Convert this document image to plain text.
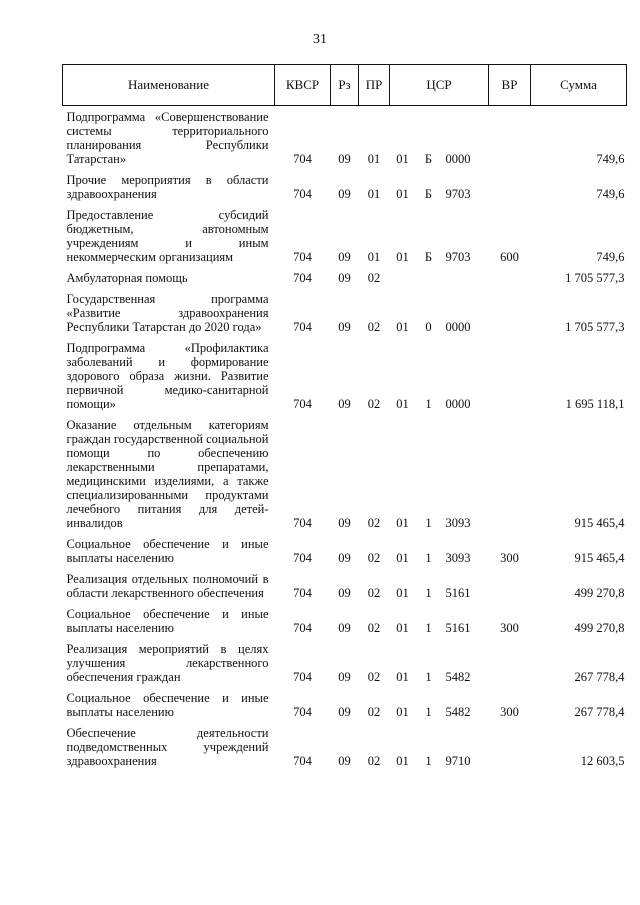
31
Наименование	КВСР	Рз	ПР	ЦСР			ВР	Сумма
Подпрограмма «Совершенствование системы территориального планирования Республики Татарстан»	704	09	01	01	Б	0000		749,6
Прочие мероприятия в области здравоохранения	704	09	01	01	Б	9703		749,6
Предоставление субсидий бюджетным, автономным учреждениям и иным некоммерческим организациям	704	09	01	01	Б	9703	600	749,6
Амбулаторная помощь	704	09	02					1 705 577,3
Государственная программа «Развитие здравоохранения Республики Татарстан до 2020 года»	704	09	02	01	0	0000		1 705 577,3
Подпрограмма «Профилактика заболеваний и формирование здорового образа жизни. Развитие первичной медико-санитарной помощи»	704	09	02	01	1	0000		1 695 118,1
Оказание отдельным категориям граждан государственной социальной помощи по обеспечению лекарственными препаратами, медицинскими изделиями, а также специализированными продуктами лечебного питания для детей-инвалидов	704	09	02	01	1	3093		915 465,4
Социальное обеспечение и иные выплаты населению	704	09	02	01	1	3093	300	915 465,4
Реализация отдельных полномочий в области лекарственного обеспечения	704	09	02	01	1	5161		499 270,8
Социальное обеспечение и иные выплаты населению	704	09	02	01	1	5161	300	499 270,8
Реализация мероприятий в целях улучшения лекарственного обеспечения граждан	704	09	02	01	1	5482		267 778,4
Социальное обеспечение и иные выплаты населению	704	09	02	01	1	5482	300	267 778,4
Обеспечение деятельности подведомственных учреждений здравоохранения	704	09	02	01	1	9710		12 603,5
